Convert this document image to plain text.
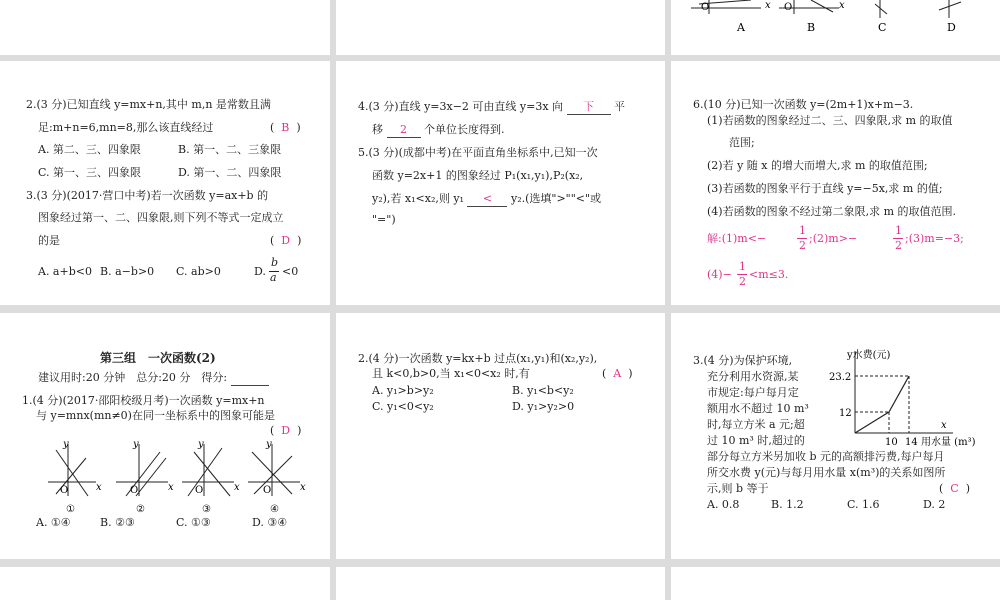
O	x O	x
A	B	C	D
2.(3 分)已知直线 y=mx+n,其中 m,n 是常数且满
足:m+n=6,mn=8,那么该直线经过	(  B  )
A. 第二、三、四象限	B. 第一、二、三象限
C. 第一、三、四象限	D. 第一、二、四象限
3.(3 分)(2017·营口中考)若一次函数 y=ax+b 的
图象经过第一、二、四象限,则下列不等式一定成立
的是	(  D  )
A. a+b<0 B. a−b>0 C. ab>0	D.
b
a <0
4.(3 分)直线 y=3x−2 可由直线 y=3x 向 下 平
移 2 个单位长度得到.
5.(3 分)(成都中考)在平面直角坐标系中,已知一次
函数 y=2x+1 的图象经过 P₁(x₁,y₁),P₂(x₂,
y₂),若 x₁<x₂,则 y₁ < y₂.(选填">""<"或
"=")
6.(10 分)已知一次函数 y=(2m+1)x+m−3.
(1)若函数的图象经过二、三、四象限,求 m 的取值
范围;
(2)若 y 随 x 的增大而增大,求 m 的取值范围;
(3)若函数的图象平行于直线 y=−5x,求 m 的值;
(4)若函数的图象不经过第二象限,求 m 的取值范围.
解:(1)m<−
1
2
;(2)m>−
1
2
;(3)m=−3;
(4)−
1
2
<m≤3.
第三组　一次函数(2)
建议用时:20 分钟　总分:20 分　得分:
1.(4 分)(2017·邵阳校级月考)一次函数 y=mx+n
与 y=mnx(mn≠0)在同一坐标系中的图象可能是
(  D  )
y
O	x
①
y
O	x
②
y
O	x
③
y
O	x
④
A. ①④	B. ②③	C. ①③	D. ③④
2.(4 分)一次函数 y=kx+b 过点(x₁,y₁)和(x₂,y₂),
且 k<0,b>0,当 x₁<0<x₂ 时,有	(  A  )
A. y₁>b>y₂	B. y₁<b<y₂
C. y₁<0<y₂	D. y₁>y₂>0
3.(4 分)为保护环境,
充分利用水资源,某
市规定:每户每月定
额用水不超过 10 m³
时,每立方米 a 元;超
过 10 m³ 时,超过的
y水费(元)
23.2
12
x
10 14 用水量 (m³)
部分每立方米另加收 b 元的高额排污费,每户每月
所交水费 y(元)与每月用水量 x(m³)的关系如图所
示,则 b 等于	(  C  )
A. 0.8	B. 1.2	C. 1.6	D. 2
